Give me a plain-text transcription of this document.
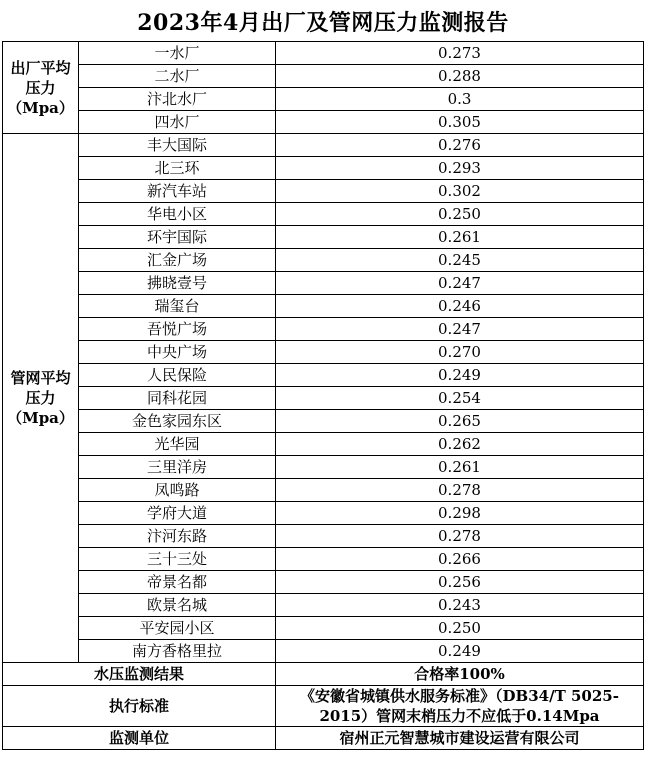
2023年4月出厂及管网压力监测报告
出厂平均
压力
（Mpa）	一水厂	0.273
	二水厂	0.288
	汴北水厂	0.3
	四水厂	0.305

管网平均
压力
（Mpa）	丰大国际	0.276
	北三环	0.293
	新汽车站	0.302
	华电小区	0.250
	环宇国际	0.261
	汇金广场	0.245
	拂晓壹号	0.247
	瑞玺台	0.246
	吾悦广场	0.247
	中央广场	0.270
	人民保险	0.249
	同科花园	0.254
	金色家园东区	0.265
	光华园	0.262
	三里洋房	0.261
	凤鸣路	0.278
	学府大道	0.298
	汴河东路	0.278
	三十三处	0.266
	帝景名都	0.256
	欧景名城	0.243
	平安园小区	0.250
	南方香格里拉	0.249
水压监测结果		合格率100%
执行标准		《安徽省城镇供水服务标准》（DB34/T 5025-
2015）管网末梢压力不应低于0.14Mpa

监测单位		宿州正元智慧城市建设运营有限公司
